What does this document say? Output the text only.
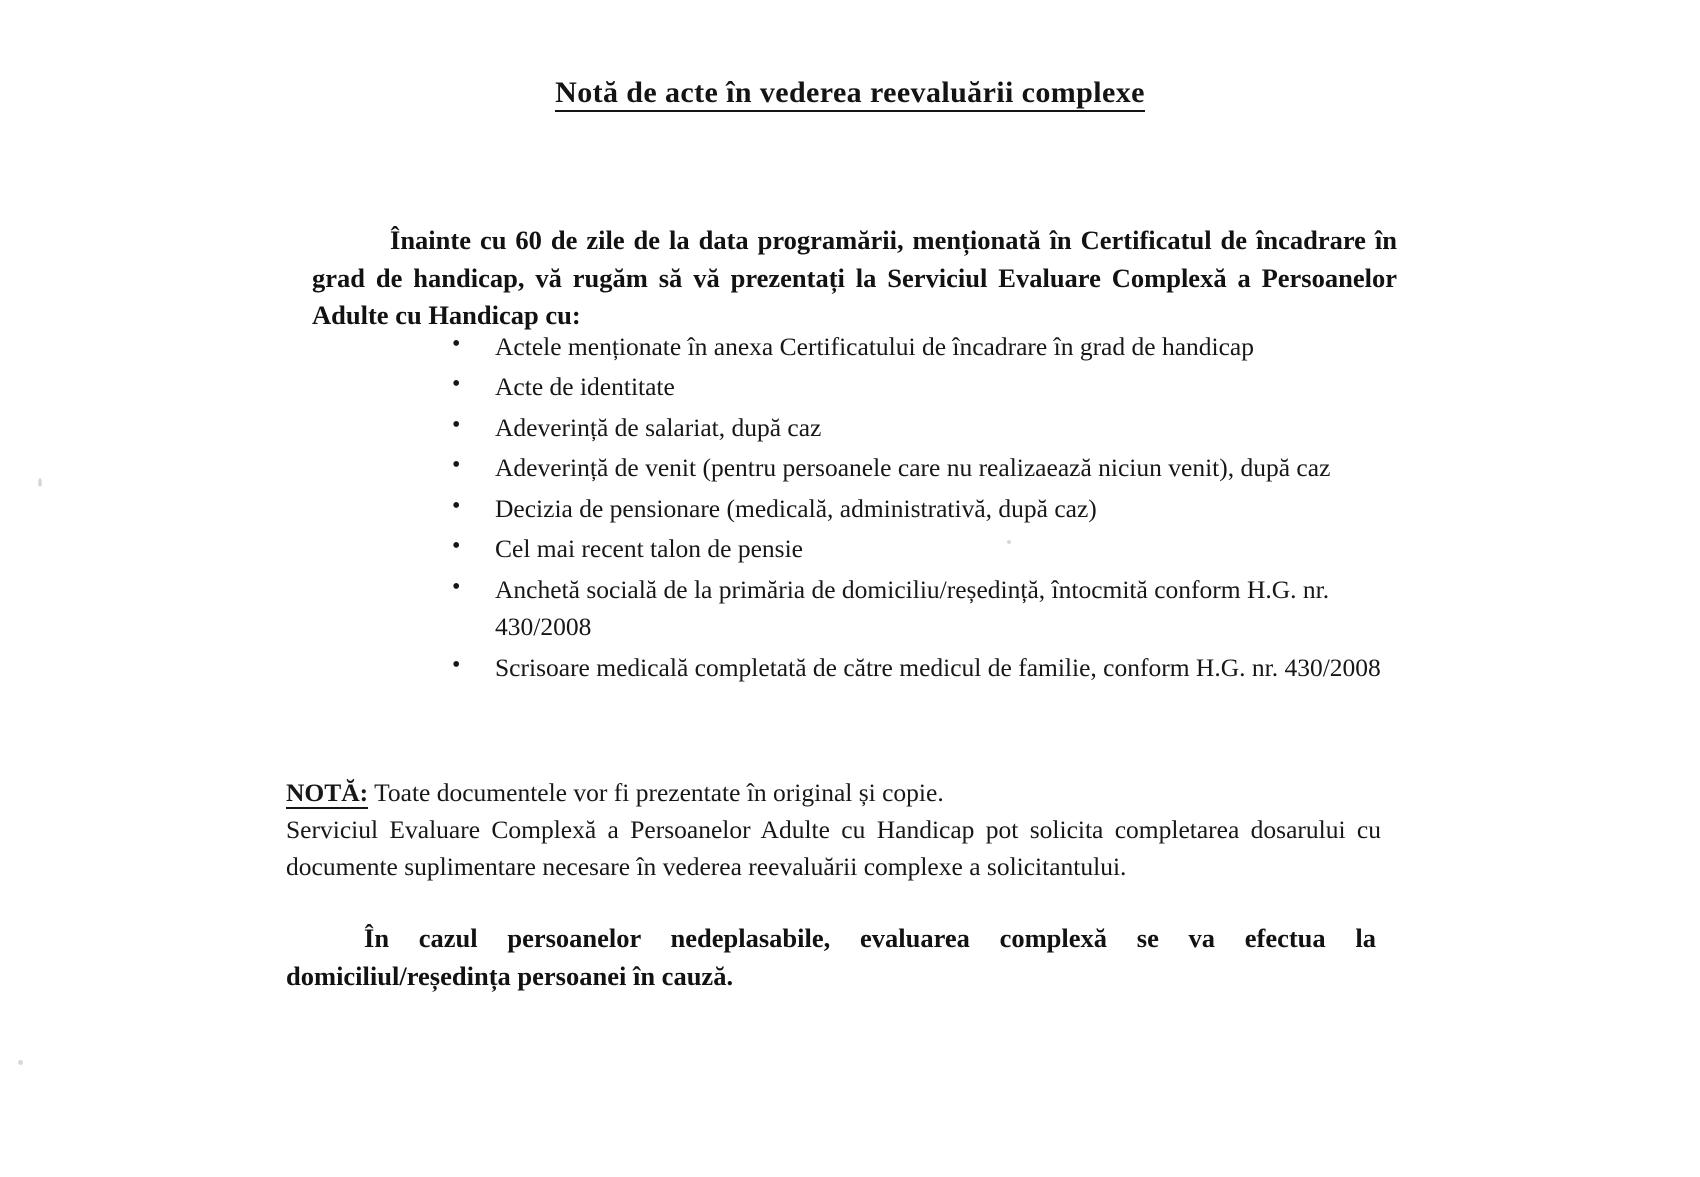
Notă de acte în vederea reevaluării complexe
Înainte cu 60 de zile de la data programării, menționată în Certificatul de încadrare în grad de handicap, vă rugăm să vă prezentați la Serviciul Evaluare Complexă a Persoanelor Adulte cu Handicap cu:
• Actele menționate în anexa Certificatului de încadrare în grad de handicap
• Acte de identitate
• Adeverință de salariat, după caz
• Adeverință de venit (pentru persoanele care nu realizaează niciun venit), după caz
• Decizia de pensionare (medicală, administrativă, după caz)
• Cel mai recent talon de pensie
• Anchetă socială de la primăria de domiciliu/reședință, întocmită conform H.G. nr. 430/2008
• Scrisoare medicală completată de către medicul de familie, conform H.G. nr. 430/2008
NOTĂ: Toate documentele vor fi prezentate în original și copie.
Serviciul Evaluare Complexă a Persoanelor Adulte cu Handicap pot solicita completarea dosarului cu documente suplimentare necesare în vederea reevaluării complexe a solicitantului.
În cazul persoanelor nedeplasabile, evaluarea complexă se va efectua la domiciliul/reședința persoanei în cauză.
